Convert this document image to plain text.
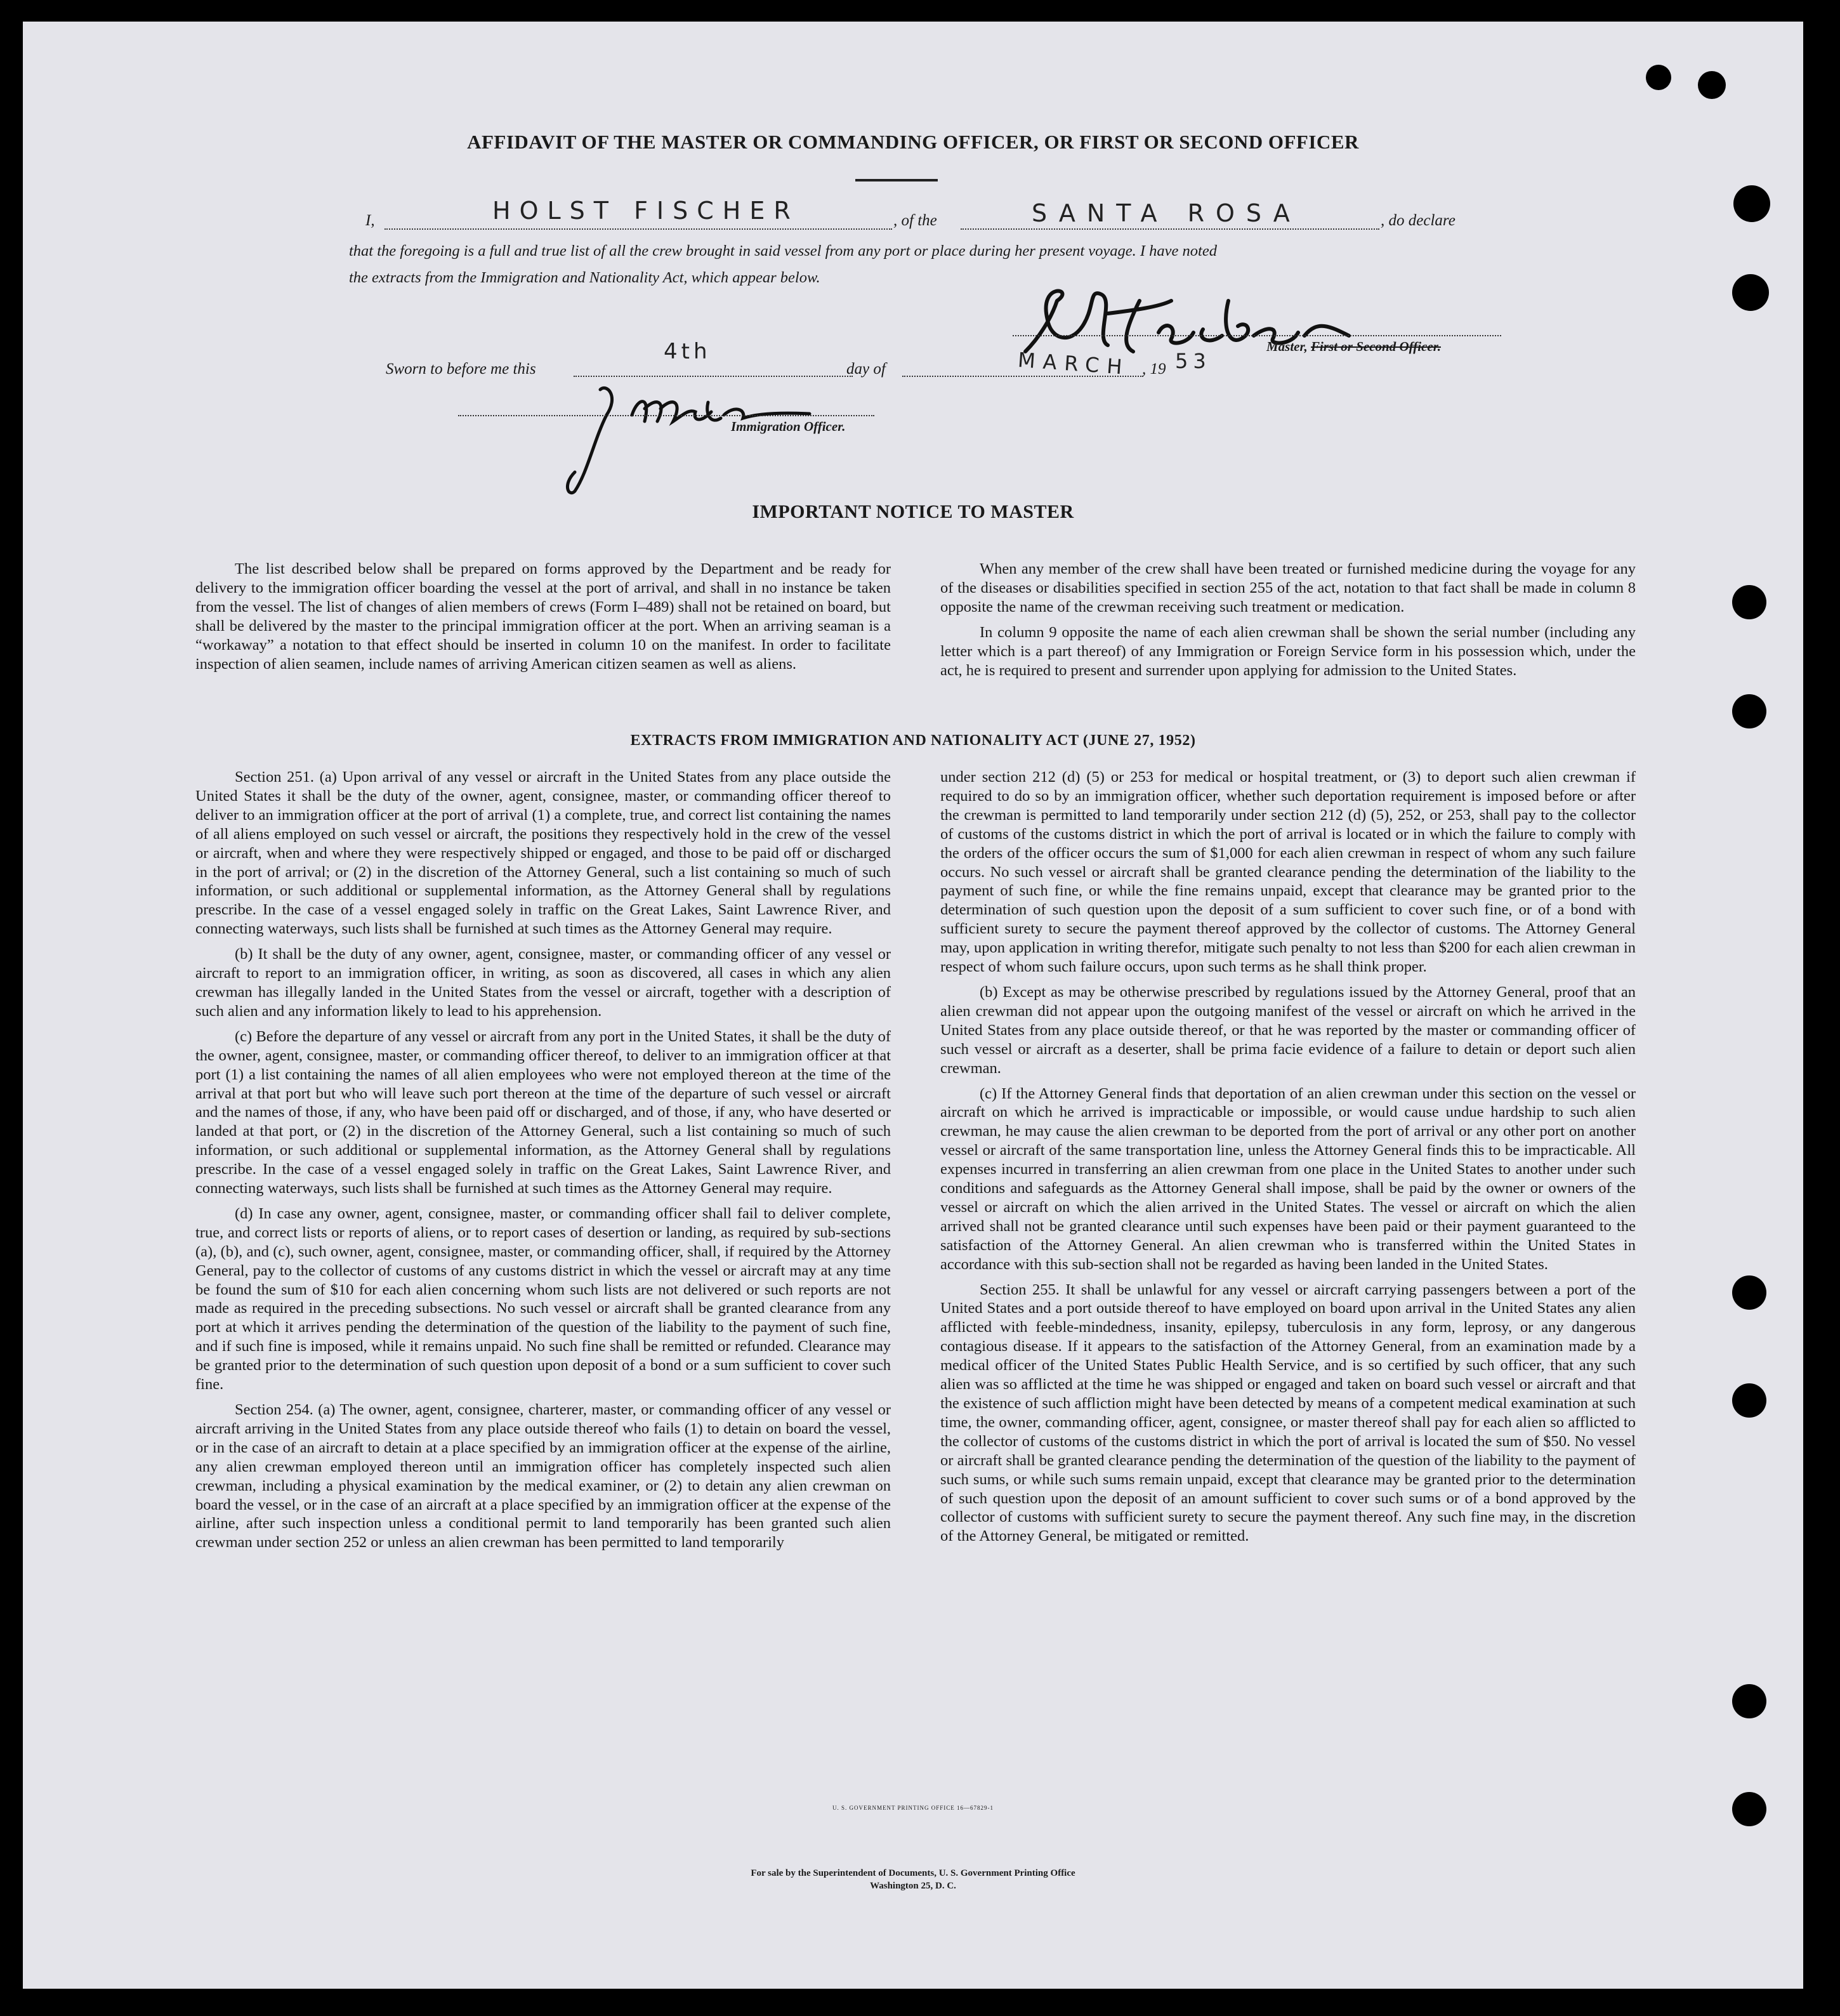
AFFIDAVIT OF THE MASTER OR COMMANDING OFFICER, OR FIRST OR SECOND OFFICER
I,	HOLST FISCHER	, of the	SANTA ROSA	, do declare
that the foregoing is a full and true list of all the crew brought in said vessel from any port or place during her present voyage. I have noted
the extracts from the Immigration and Nationality Act, which appear below.
Master, First or Second Officer.
Sworn to before me this
4th
day of	MARCH , 19 53
Immigration Officer.
IMPORTANT NOTICE TO MASTER

The list described below shall be prepared on forms approved by the Department and be ready for delivery to the immigration officer boarding the vessel at the port of arrival, and shall in no instance be taken from the vessel. The list of changes of alien members of crews (Form I–489) shall not be retained on board, but shall be delivered by the master to the principal immigration officer at the port. When an arriving seaman is a “workaway” a notation to that effect should be inserted in column 10 on the manifest. In order to facilitate inspection of alien seamen, include names of arriving American citizen seamen as well as aliens.

When any member of the crew shall have been treated or furnished medicine during the voyage for any of the diseases or disabilities specified in section 255 of the act, notation to that fact shall be made in column 8 opposite the name of the crewman receiving such treatment or medication.

In column 9 opposite the name of each alien crewman shall be shown the serial number (including any letter which is a part thereof) of any Immigration or Foreign Service form in his possession which, under the act, he is required to present and surrender upon applying for admission to the United States.

EXTRACTS FROM IMMIGRATION AND NATIONALITY ACT (JUNE 27, 1952)

Section 251. (a) Upon arrival of any vessel or aircraft in the United States from any place outside the United States it shall be the duty of the owner, agent, consignee, master, or commanding officer thereof to deliver to an immigration officer at the port of arrival (1) a complete, true, and correct list containing the names of all aliens employed on such vessel or aircraft, the positions they respectively hold in the crew of the vessel or aircraft, when and where they were respectively shipped or engaged, and those to be paid off or discharged in the port of arrival; or (2) in the discretion of the Attorney General, such a list containing so much of such information, or such additional or supplemental information, as the Attorney General shall by regulations prescribe. In the case of a vessel engaged solely in traffic on the Great Lakes, Saint Lawrence River, and connecting waterways, such lists shall be furnished at such times as the Attorney General may require.

(b) It shall be the duty of any owner, agent, consignee, master, or commanding officer of any vessel or aircraft to report to an immigration officer, in writing, as soon as discovered, all cases in which any alien crewman has illegally landed in the United States from the vessel or aircraft, together with a description of such alien and any information likely to lead to his apprehension.

(c) Before the departure of any vessel or aircraft from any port in the United States, it shall be the duty of the owner, agent, consignee, master, or commanding officer thereof, to deliver to an immigration officer at that port (1) a list containing the names of all alien employees who were not employed thereon at the time of the arrival at that port but who will leave such port thereon at the time of the departure of such vessel or aircraft and the names of those, if any, who have been paid off or discharged, and of those, if any, who have deserted or landed at that port, or (2) in the discretion of the Attorney General, such a list containing so much of such information, or such additional or supplemental information, as the Attorney General shall by regulations prescribe. In the case of a vessel engaged solely in traffic on the Great Lakes, Saint Lawrence River, and connecting waterways, such lists shall be furnished at such times as the Attorney General may require.

(d) In case any owner, agent, consignee, master, or commanding officer shall fail to deliver complete, true, and correct lists or reports of aliens, or to report cases of desertion or landing, as required by sub-sections (a), (b), and (c), such owner, agent, consignee, master, or commanding officer, shall, if required by the Attorney General, pay to the collector of customs of any customs district in which the vessel or aircraft may at any time be found the sum of $10 for each alien concerning whom such lists are not delivered or such reports are not made as required in the preceding subsections. No such vessel or aircraft shall be granted clearance from any port at which it arrives pending the determination of the question of the liability to the payment of such fine, and if such fine is imposed, while it remains unpaid. No such fine shall be remitted or refunded. Clearance may be granted prior to the determination of such question upon deposit of a bond or a sum sufficient to cover such fine.

Section 254. (a) The owner, agent, consignee, charterer, master, or commanding officer of any vessel or aircraft arriving in the United States from any place outside thereof who fails (1) to detain on board the vessel, or in the case of an aircraft to detain at a place specified by an immigration officer at the expense of the airline, any alien crewman employed thereon until an immigration officer has completely inspected such alien crewman, including a physical examination by the medical examiner, or (2) to detain any alien crewman on board the vessel, or in the case of an aircraft at a place specified by an immigration officer at the expense of the airline, after such inspection unless a conditional permit to land temporarily has been granted such alien crewman under section 252 or unless an alien crewman has been permitted to land temporarily

under section 212 (d) (5) or 253 for medical or hospital treatment, or (3) to deport such alien crewman if required to do so by an immigration officer, whether such deportation requirement is imposed before or after the crewman is permitted to land temporarily under section 212 (d) (5), 252, or 253, shall pay to the collector of customs of the customs district in which the port of arrival is located or in which the failure to comply with the orders of the officer occurs the sum of $1,000 for each alien crewman in respect of whom any such failure occurs. No such vessel or aircraft shall be granted clearance pending the determination of the liability to the payment of such fine, or while the fine remains unpaid, except that clearance may be granted prior to the determination of such question upon the deposit of a sum sufficient to cover such fine, or of a bond with sufficient surety to secure the payment thereof approved by the collector of customs. The Attorney General may, upon application in writing therefor, mitigate such penalty to not less than $200 for each alien crewman in respect of whom such failure occurs, upon such terms as he shall think proper.

(b) Except as may be otherwise prescribed by regulations issued by the Attorney General, proof that an alien crewman did not appear upon the outgoing manifest of the vessel or aircraft on which he arrived in the United States from any place outside thereof, or that he was reported by the master or commanding officer of such vessel or aircraft as a deserter, shall be prima facie evidence of a failure to detain or deport such alien crewman.

(c) If the Attorney General finds that deportation of an alien crewman under this section on the vessel or aircraft on which he arrived is impracticable or impossible, or would cause undue hardship to such alien crewman, he may cause the alien crewman to be deported from the port of arrival or any other port on another vessel or aircraft of the same transportation line, unless the Attorney General finds this to be impracticable. All expenses incurred in transferring an alien crewman from one place in the United States to another under such conditions and safeguards as the Attorney General shall impose, shall be paid by the owner or owners of the vessel or aircraft on which the alien arrived in the United States. The vessel or aircraft on which the alien arrived shall not be granted clearance until such expenses have been paid or their payment guaranteed to the satisfaction of the Attorney General. An alien crewman who is transferred within the United States in accordance with this sub-section shall not be regarded as having been landed in the United States.

Section 255. It shall be unlawful for any vessel or aircraft carrying passengers between a port of the United States and a port outside thereof to have employed on board upon arrival in the United States any alien afflicted with feeble-mindedness, insanity, epilepsy, tuberculosis in any form, leprosy, or any dangerous contagious disease. If it appears to the satisfaction of the Attorney General, from an examination made by a medical officer of the United States Public Health Service, and is so certified by such officer, that any such alien was so afflicted at the time he was shipped or engaged and taken on board such vessel or aircraft and that the existence of such affliction might have been detected by means of a competent medical examination at such time, the owner, commanding officer, agent, consignee, or master thereof shall pay for each alien so afflicted to the collector of customs of the customs district in which the port of arrival is located the sum of $50. No vessel or aircraft shall be granted clearance pending the determination of the question of the liability to the payment of such sums, or while such sums remain unpaid, except that clearance may be granted prior to the determination of such question upon the deposit of an amount sufficient to cover such sums or of a bond approved by the collector of customs with sufficient surety to secure the payment thereof. Any such fine may, in the discretion of the Attorney General, be mitigated or remitted.

U. S. GOVERNMENT PRINTING OFFICE 16—67829-1
For sale by the Superintendent of Documents, U. S. Government Printing Office
Washington 25, D. C.
